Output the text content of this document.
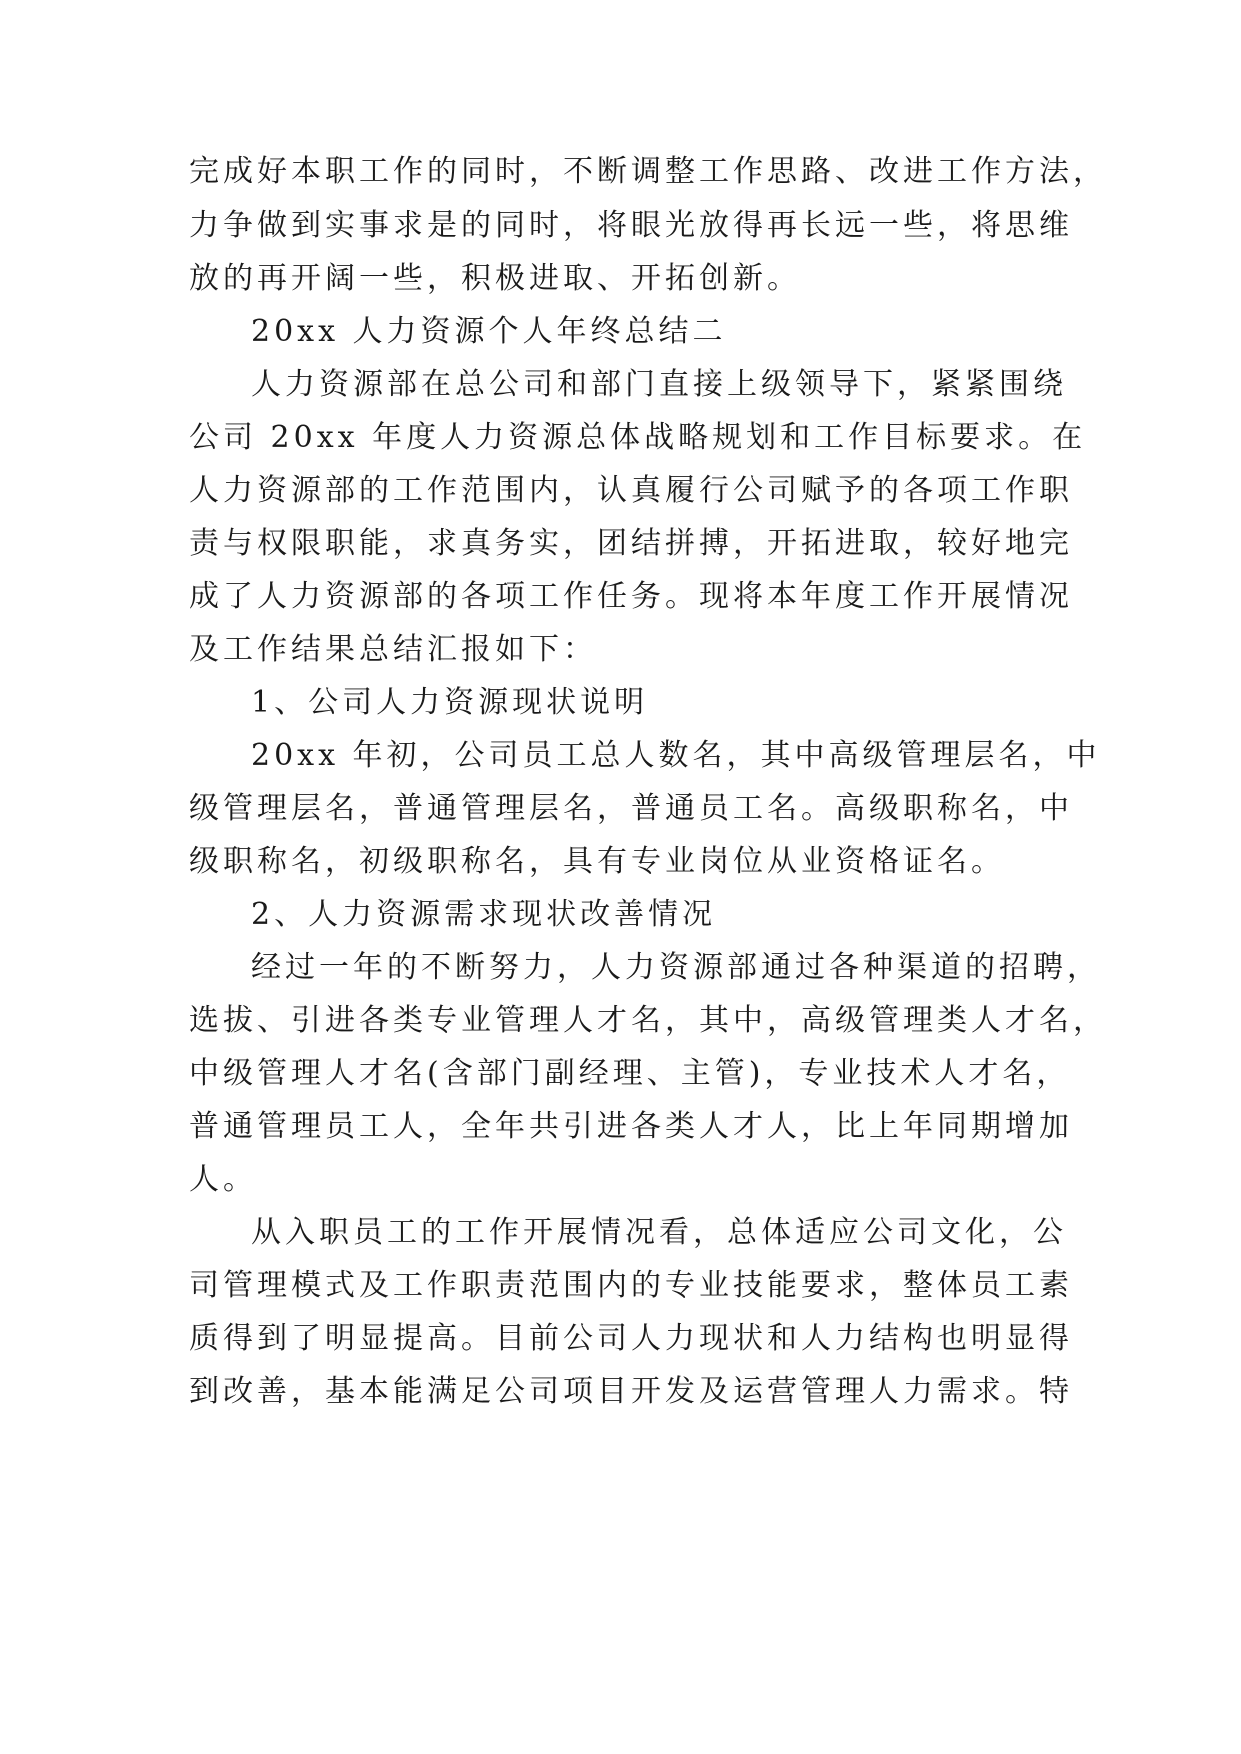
完成好本职工作的同时，不断调整工作思路、改进工作方法，
力争做到实事求是的同时，将眼光放得再长远一些，将思维
放的再开阔一些，积极进取、开拓创新。
20xx 人力资源个人年终总结二
人力资源部在总公司和部门直接上级领导下，紧紧围绕
公司 20xx 年度人力资源总体战略规划和工作目标要求。在
人力资源部的工作范围内，认真履行公司赋予的各项工作职
责与权限职能，求真务实，团结拼搏，开拓进取，较好地完
成了人力资源部的各项工作任务。现将本年度工作开展情况
及工作结果总结汇报如下：
1、公司人力资源现状说明
20xx 年初，公司员工总人数名，其中高级管理层名，中
级管理层名，普通管理层名，普通员工名。高级职称名，中
级职称名，初级职称名，具有专业岗位从业资格证名。
2、人力资源需求现状改善情况
经过一年的不断努力，人力资源部通过各种渠道的招聘，
选拔、引进各类专业管理人才名，其中，高级管理类人才名，
中级管理人才名(含部门副经理、主管)，专业技术人才名，
普通管理员工人，全年共引进各类人才人，比上年同期增加
人。
从入职员工的工作开展情况看，总体适应公司文化，公
司管理模式及工作职责范围内的专业技能要求，整体员工素
质得到了明显提高。目前公司人力现状和人力结构也明显得
到改善，基本能满足公司项目开发及运营管理人力需求。特
